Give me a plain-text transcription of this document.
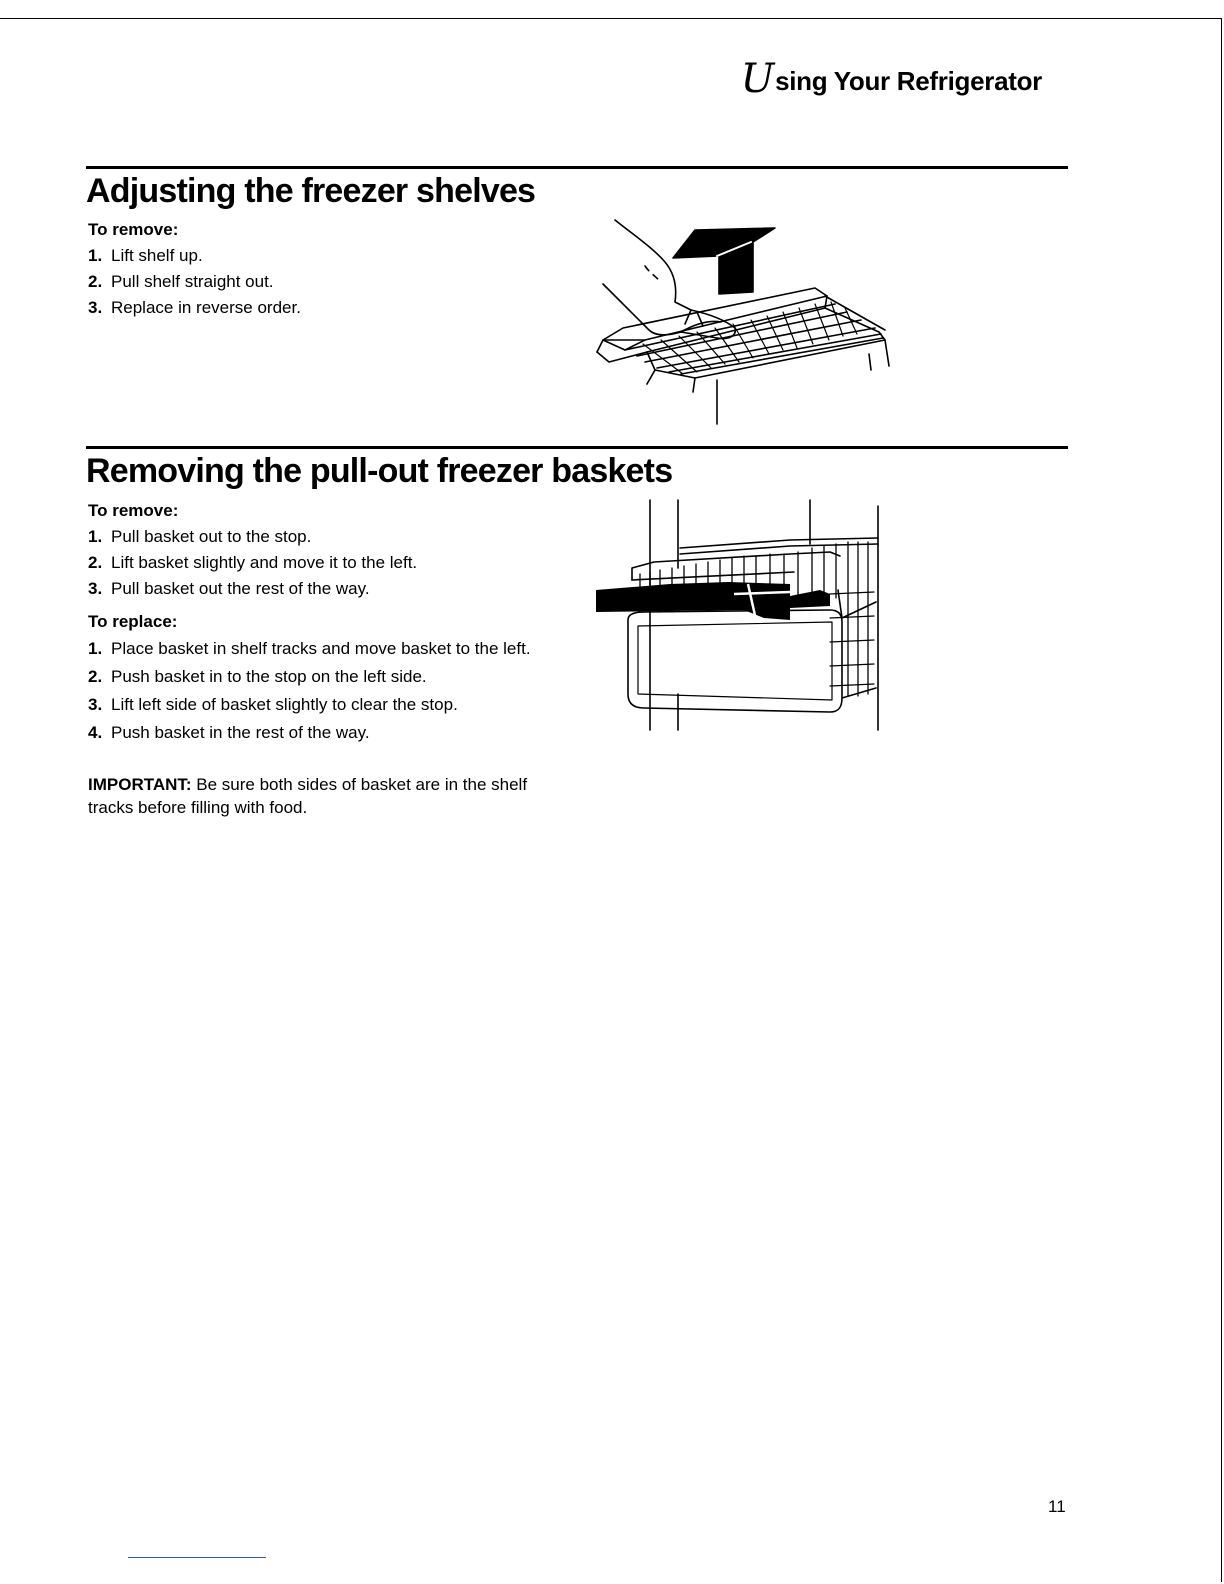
Using Your Refrigerator
Adjusting the freezer shelves

To remove:

1. Lift shelf up.
2. Pull shelf straight out.
3. Replace in reverse order.
Removing the pull-out freezer baskets

To remove:

1. Pull basket out to the stop.
2. Lift basket slightly and move it to the left.
3. Pull basket out the rest of the way.

To replace:

1. Place basket in shelf tracks and move basket to the left.
2. Push basket in to the stop on the left side.
3. Lift left side of basket slightly to clear the stop.
4. Push basket in the rest of the way.

IMPORTANT: Be sure both sides of basket are in the shelf tracks before filling with food.

11
